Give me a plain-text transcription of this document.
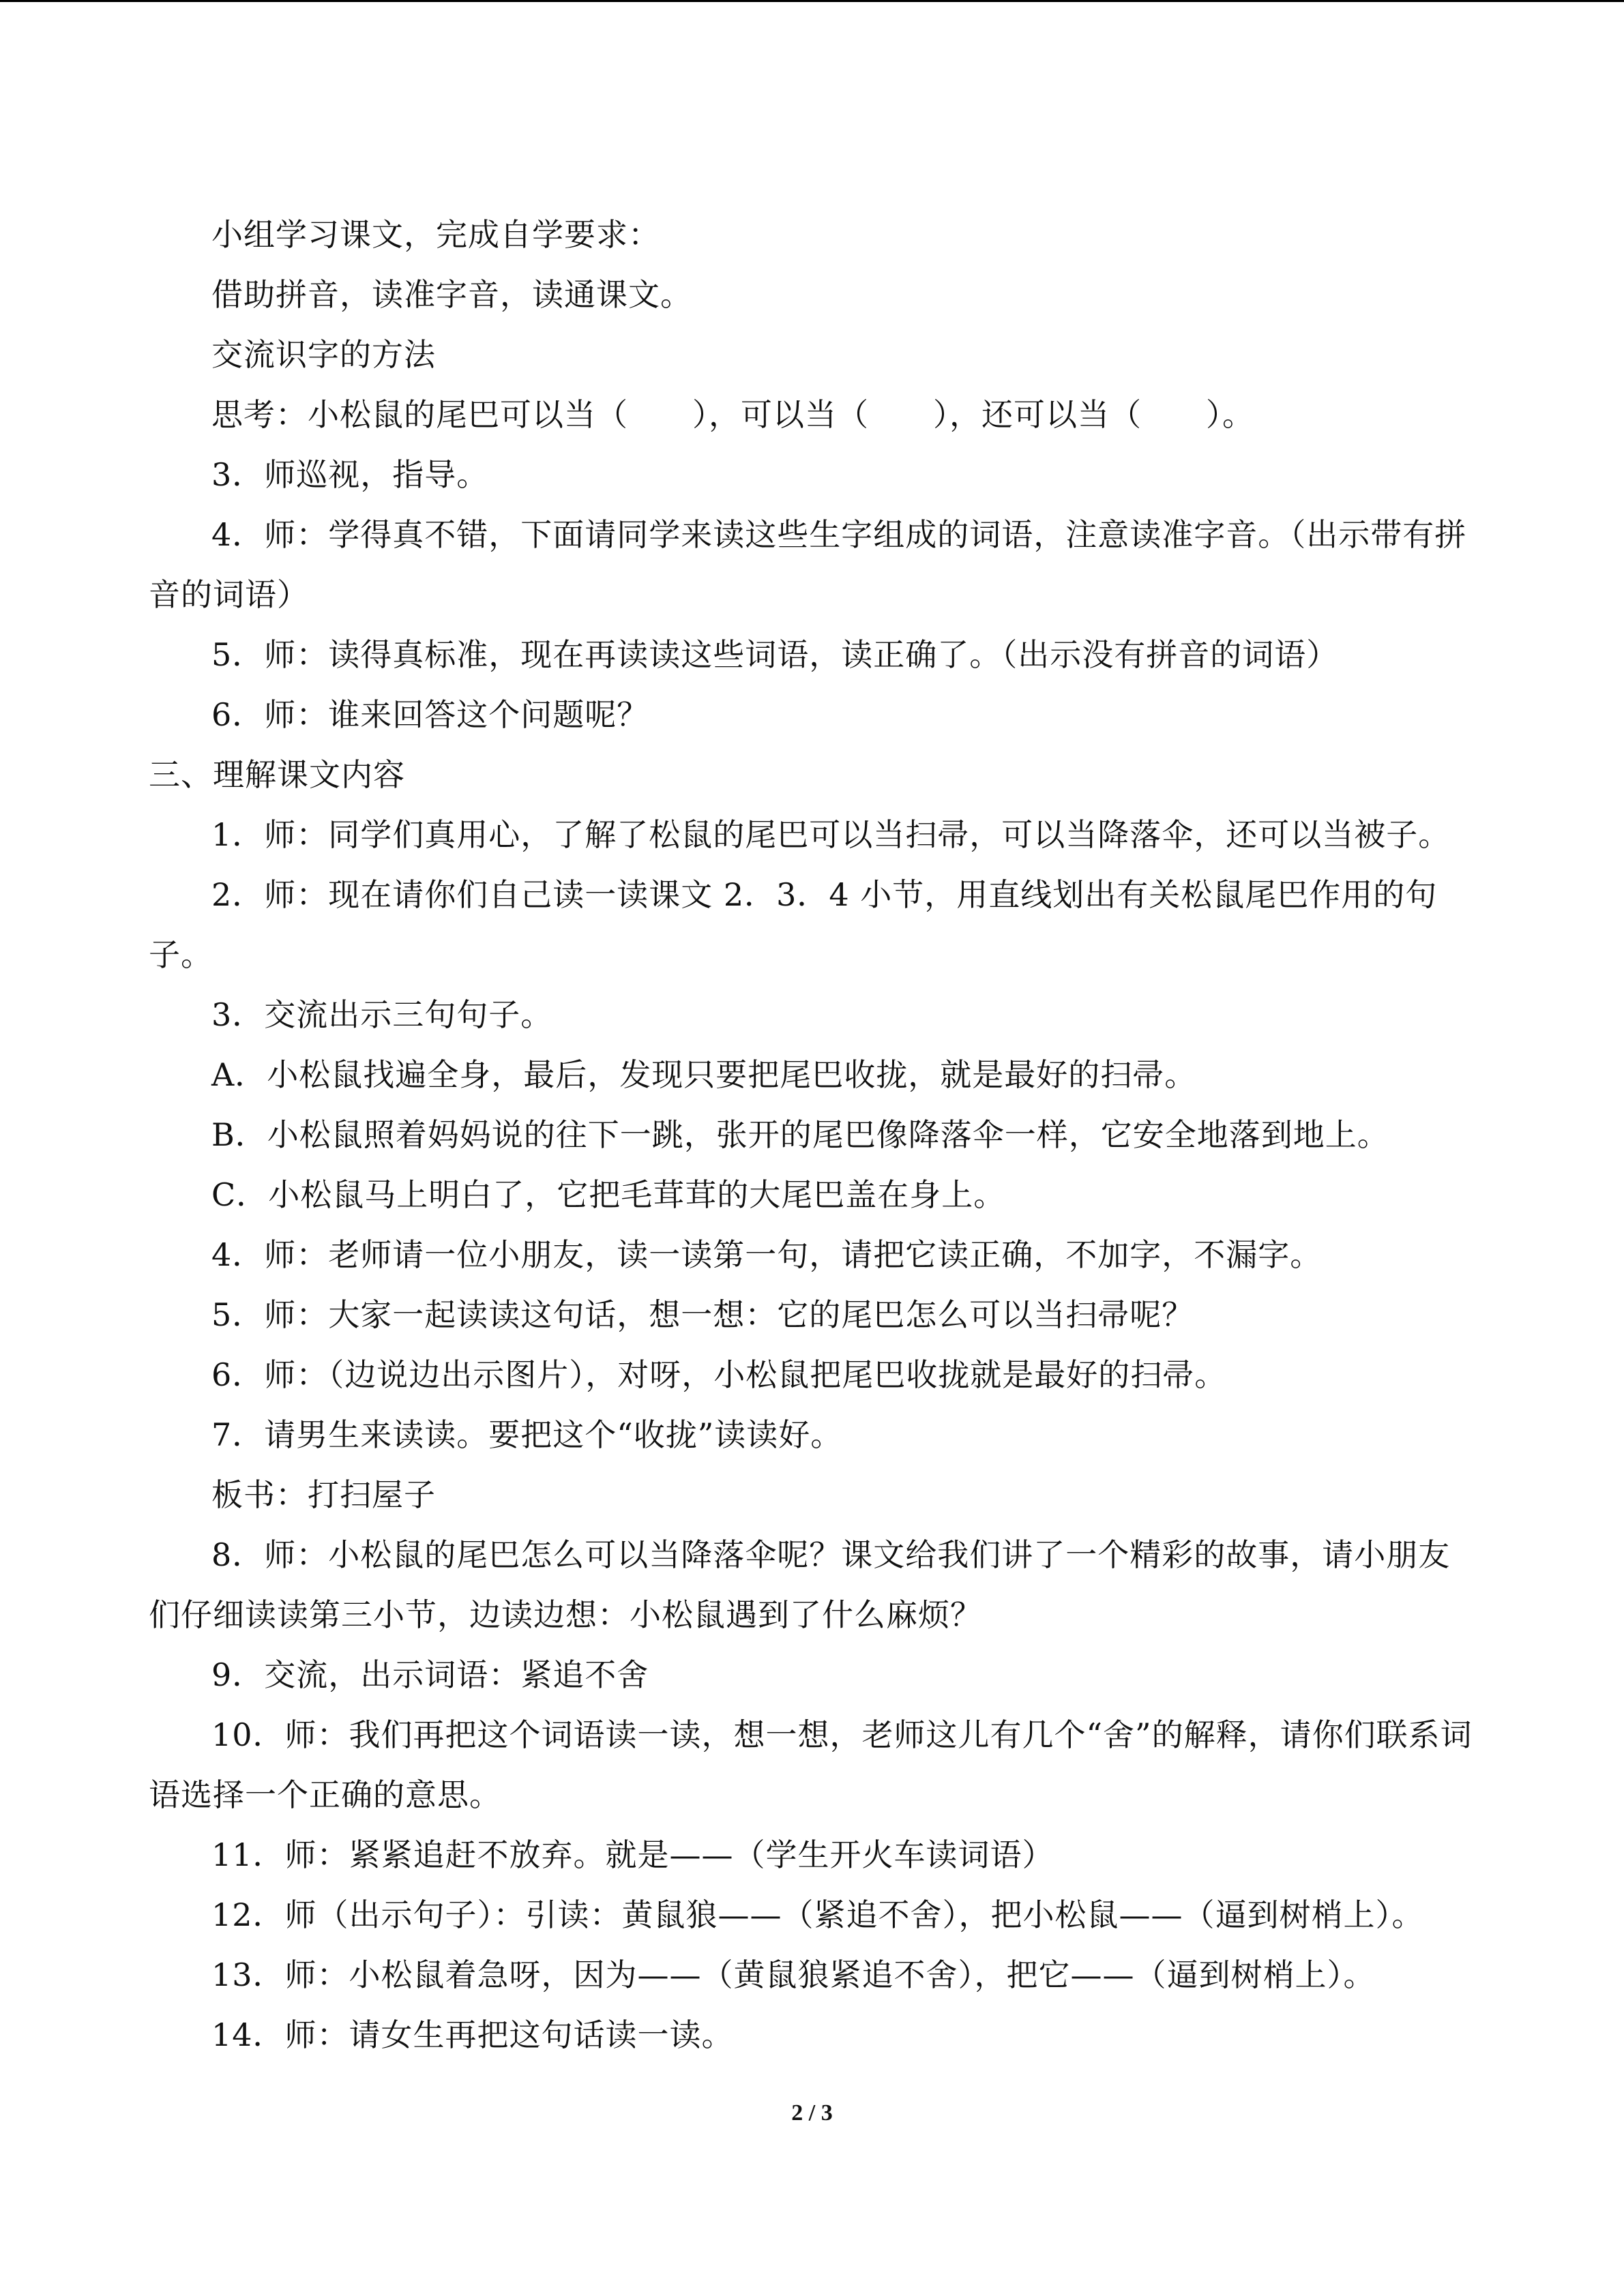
小组学习课文，完成自学要求：

借助拼音，读准字音，读通课文。

交流识字的方法

思考：小松鼠的尾巴可以当（　　），可以当（　　），还可以当（　　）。

3．师巡视，指导。

4．师：学得真不错，下面请同学来读这些生字组成的词语，注意读准字音。（出示带有拼音的词语）

5．师：读得真标准，现在再读读这些词语，读正确了。（出示没有拼音的词语）

6．师：谁来回答这个问题呢？

三、理解课文内容

1．师：同学们真用心，了解了松鼠的尾巴可以当扫帚，可以当降落伞，还可以当被子。

2．师：现在请你们自己读一读课文 2．3．4 小节，用直线划出有关松鼠尾巴作用的句子。

3．交流出示三句句子。

A．小松鼠找遍全身，最后，发现只要把尾巴收拢，就是最好的扫帚。

B．小松鼠照着妈妈说的往下一跳，张开的尾巴像降落伞一样，它安全地落到地上。

C．小松鼠马上明白了，它把毛茸茸的大尾巴盖在身上。

4．师：老师请一位小朋友，读一读第一句，请把它读正确，不加字，不漏字。

5．师：大家一起读读这句话，想一想：它的尾巴怎么可以当扫帚呢？

6．师：（边说边出示图片），对呀，小松鼠把尾巴收拢就是最好的扫帚。

7．请男生来读读。要把这个“收拢”读读好。

板书：打扫屋子

8．师：小松鼠的尾巴怎么可以当降落伞呢？课文给我们讲了一个精彩的故事，请小朋友们仔细读读第三小节，边读边想：小松鼠遇到了什么麻烦？

9．交流，出示词语：紧追不舍

10．师：我们再把这个词语读一读，想一想，老师这儿有几个“舍”的解释，请你们联系词语选择一个正确的意思。

11．师：紧紧追赶不放弃。就是——（学生开火车读词语）

12．师（出示句子）：引读：黄鼠狼——（紧追不舍），把小松鼠——（逼到树梢上）。

13．师：小松鼠着急呀，因为——（黄鼠狼紧追不舍），把它——（逼到树梢上）。

14．师：请女生再把这句话读一读。

2 / 3
